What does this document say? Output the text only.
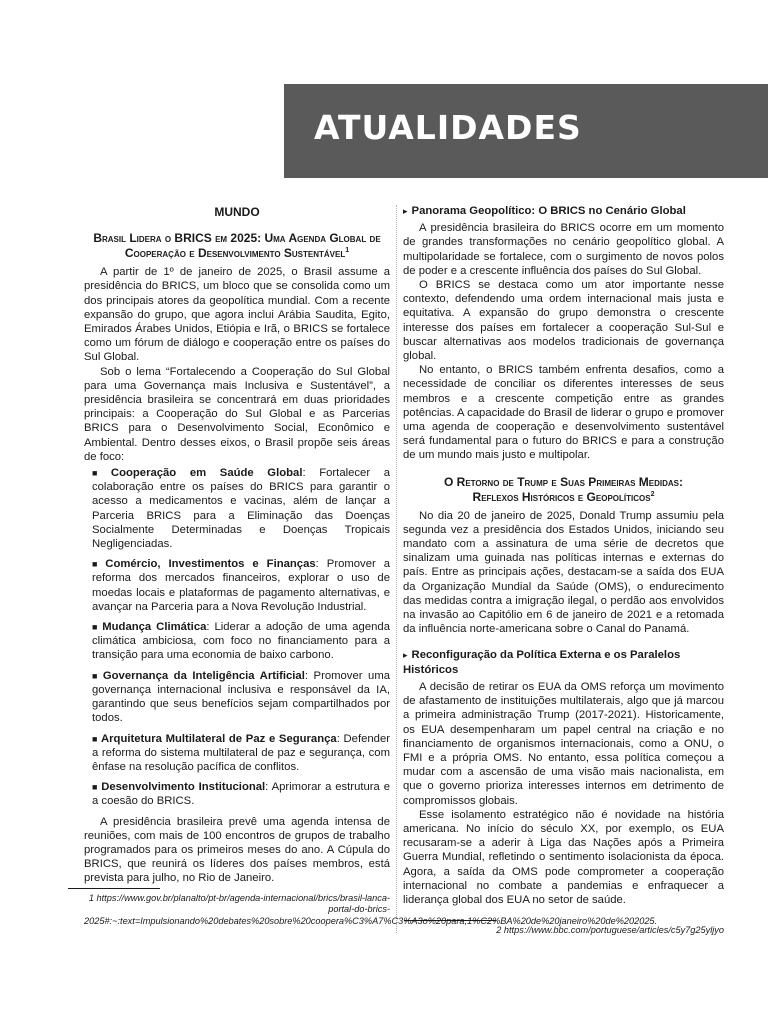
ATUALIDADES
MUNDO
Brasil Lidera o BRICS em 2025: Uma Agenda Global de Cooperação e Desenvolvimento Sustentável$^1$

A partir de 1º de janeiro de 2025, o Brasil assume a presidência do BRICS, um bloco que se consolida como um dos principais atores da geopolítica mundial. Com a recente expansão do grupo, que agora inclui Arábia Saudita, Egito, Emirados Árabes Unidos, Etiópia e Irã, o BRICS se fortalece como um fórum de diálogo e cooperação entre os países do Sul Global.

Sob o lema “Fortalecendo a Cooperação do Sul Global para uma Governança mais Inclusiva e Sustentável”, a presidência brasileira se concentrará em duas prioridades principais: a Cooperação do Sul Global e as Parcerias BRICS para o Desenvolvimento Social, Econômico e Ambiental. Dentro desses eixos, o Brasil propõe seis áreas de foco:

■ Cooperação em Saúde Global: Fortalecer a colaboração entre os países do BRICS para garantir o acesso a medicamentos e vacinas, além de lançar a Parceria BRICS para a Eliminação das Doenças Socialmente Determinadas e Doenças Tropicais Negligenciadas.
■ Comércio, Investimentos e Finanças: Promover a reforma dos mercados financeiros, explorar o uso de moedas locais e plataformas de pagamento alternativas, e avançar na Parceria para a Nova Revolução Industrial.
■ Mudança Climática: Liderar a adoção de uma agenda climática ambiciosa, com foco no financiamento para a transição para uma economia de baixo carbono.
■ Governança da Inteligência Artificial: Promover uma governança internacional inclusiva e responsável da IA, garantindo que seus benefícios sejam compartilhados por todos.
■ Arquitetura Multilateral de Paz e Segurança: Defender a reforma do sistema multilateral de paz e segurança, com ênfase na resolução pacífica de conflitos.
■ Desenvolvimento Institucional: Aprimorar a estrutura e a coesão do BRICS.

A presidência brasileira prevê uma agenda intensa de reuniões, com mais de 100 encontros de grupos de trabalho programados para os primeiros meses do ano. A Cúpula do BRICS, que reunirá os líderes dos países membros, está prevista para julho, no Rio de Janeiro.

1 https://www.gov.br/planalto/pt-br/agenda-internacional/brics/brasil-lanca-portal-do-brics-2025#:~:text=Impulsionando%20debates%20sobre%20coopera%C3%A7%C3%A3o%20para,1%C2%BA%20de%20janeiro%20de%202025.
▸ Panorama Geopolítico: O BRICS no Cenário Global

A presidência brasileira do BRICS ocorre em um momento de grandes transformações no cenário geopolítico global. A multipolaridade se fortalece, com o surgimento de novos polos de poder e a crescente influência dos países do Sul Global.

O BRICS se destaca como um ator importante nesse contexto, defendendo uma ordem internacional mais justa e equitativa. A expansão do grupo demonstra o crescente interesse dos países em fortalecer a cooperação Sul-Sul e buscar alternativas aos modelos tradicionais de governança global.

No entanto, o BRICS também enfrenta desafios, como a necessidade de conciliar os diferentes interesses de seus membros e a crescente competição entre as grandes potências. A capacidade do Brasil de liderar o grupo e promover uma agenda de cooperação e desenvolvimento sustentável será fundamental para o futuro do BRICS e para a construção de um mundo mais justo e multipolar.

O Retorno de Trump e Suas Primeiras Medidas:
Reflexos Históricos e Geopolíticos$^2$

No dia 20 de janeiro de 2025, Donald Trump assumiu pela segunda vez a presidência dos Estados Unidos, iniciando seu mandato com a assinatura de uma série de decretos que sinalizam uma guinada nas políticas internas e externas do país. Entre as principais ações, destacam-se a saída dos EUA da Organização Mundial da Saúde (OMS), o endurecimento das medidas contra a imigração ilegal, o perdão aos envolvidos na invasão ao Capitólio em 6 de janeiro de 2021 e a retomada da influência norte-americana sobre o Canal do Panamá.

▸ Reconfiguração da Política Externa e os Paralelos Históricos

A decisão de retirar os EUA da OMS reforça um movimento de afastamento de instituições multilaterais, algo que já marcou a primeira administração Trump (2017-2021). Historicamente, os EUA desempenharam um papel central na criação e no financiamento de organismos internacionais, como a ONU, o FMI e a própria OMS. No entanto, essa política começou a mudar com a ascensão de uma visão mais nacionalista, em que o governo prioriza interesses internos em detrimento de compromissos globais.

Esse isolamento estratégico não é novidade na história americana. No início do século XX, por exemplo, os EUA recusaram-se a aderir à Liga das Nações após a Primeira Guerra Mundial, refletindo o sentimento isolacionista da época. Agora, a saída da OMS pode comprometer a cooperação internacional no combate a pandemias e enfraquecer a liderança global dos EUA no setor de saúde.

2 https://www.bbc.com/portuguese/articles/c5y7g25yljyo
